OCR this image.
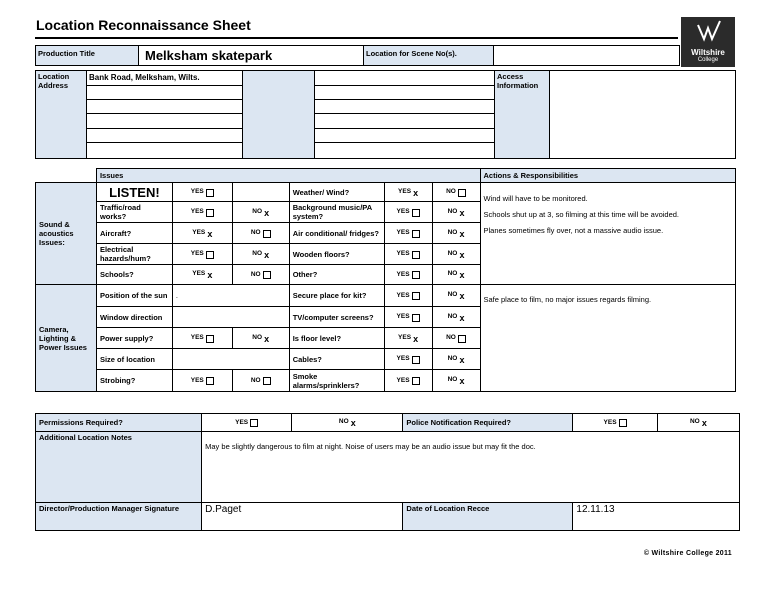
Location Reconnaissance Sheet
Wiltshire
College
Production Title	Melksham skatepark	Location for Scene No(s).
Location Address
Bank Road, Melksham, Wilts.	Access Information
	Issues						Actions & Responsibilities
Sound & acoustics Issues:	LISTEN!	YES		Weather/ Wind?	YES x	NO	Wind will have to be monitored.
Schools shut up at 3, so filming at this time will be avoided.
Planes sometimes fly over, not a massive audio issue.

	Traffic/road works?	YES	NO x	Background music/PA system?	YES	NO x	
	Aircraft?	YES x	NO	Air conditional/ fridges?	YES	NO x	
	Electrical hazards/hum?	YES	NO x	Wooden floors?	YES	NO x	
	Schools?	YES x	NO	Other?	YES	NO x	
Camera, Lighting & Power Issues	Position of the sun	.		Secure place for kit?	YES	NO x	Safe place to film, no major issues regards filming.

	Window direction			TV/computer screens?	YES	NO x	
	Power supply?	YES	NO x	Is floor level?	YES x	NO	
	Size of location			Cables?	YES	NO x	
	Strobing?	YES	NO	Smoke alarms/sprinklers?	YES	NO x	
Permissions Required?	YES	NO x	Police Notification Required?	YES	NO x
Additional Location Notes	May be slightly dangerous to film at night. Noise of users may be an audio issue but may fit the doc.				
Director/Production Manager Signature	D.Paget		Date of Location Recce	12.11.13	
© Wiltshire College 2011
